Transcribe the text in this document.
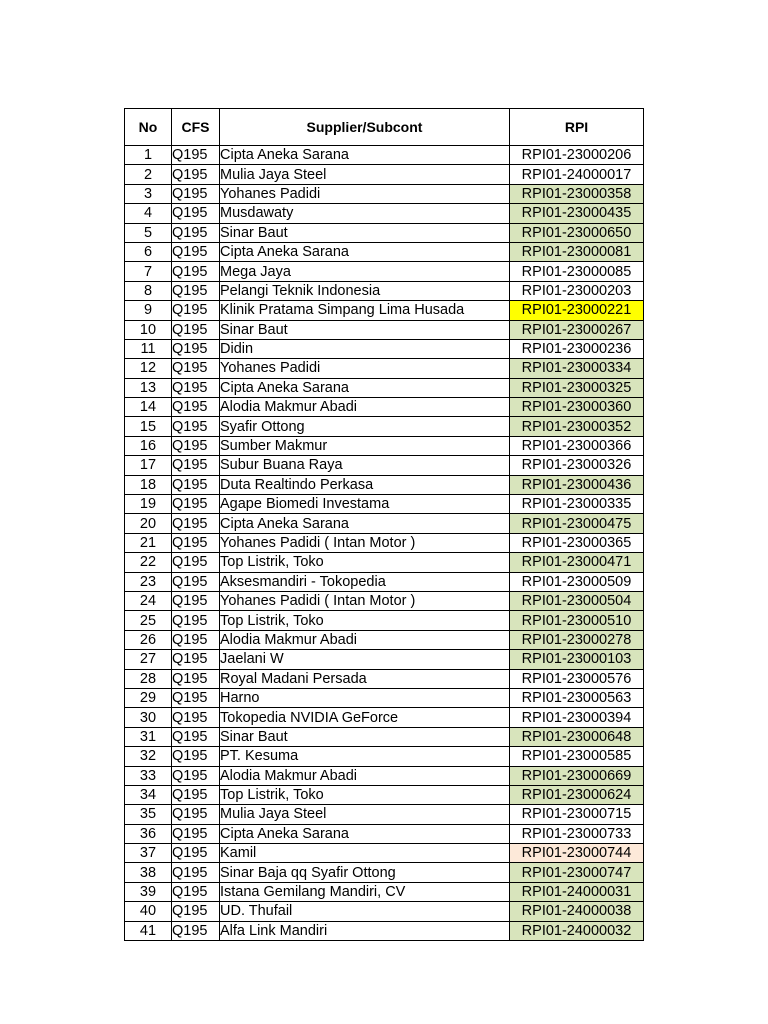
No	CFS	Supplier/Subcont	RPI
1	Q195	Cipta Aneka Sarana	RPI01-23000206
2	Q195	Mulia Jaya Steel	RPI01-24000017
3	Q195	Yohanes Padidi	RPI01-23000358
4	Q195	Musdawaty	RPI01-23000435
5	Q195	Sinar Baut	RPI01-23000650
6	Q195	Cipta Aneka Sarana	RPI01-23000081
7	Q195	Mega Jaya	RPI01-23000085
8	Q195	Pelangi Teknik Indonesia	RPI01-23000203
9	Q195	Klinik Pratama Simpang Lima Husada	RPI01-23000221
10	Q195	Sinar Baut	RPI01-23000267
11	Q195	Didin	RPI01-23000236
12	Q195	Yohanes Padidi	RPI01-23000334
13	Q195	Cipta Aneka Sarana	RPI01-23000325
14	Q195	Alodia Makmur Abadi	RPI01-23000360
15	Q195	Syafir Ottong	RPI01-23000352
16	Q195	Sumber Makmur	RPI01-23000366
17	Q195	Subur Buana Raya	RPI01-23000326
18	Q195	Duta Realtindo Perkasa	RPI01-23000436
19	Q195	Agape Biomedi Investama	RPI01-23000335
20	Q195	Cipta Aneka Sarana	RPI01-23000475
21	Q195	Yohanes Padidi ( Intan Motor )	RPI01-23000365
22	Q195	Top Listrik, Toko	RPI01-23000471
23	Q195	Aksesmandiri - Tokopedia	RPI01-23000509
24	Q195	Yohanes Padidi ( Intan Motor )	RPI01-23000504
25	Q195	Top Listrik, Toko	RPI01-23000510
26	Q195	Alodia Makmur Abadi	RPI01-23000278
27	Q195	Jaelani W	RPI01-23000103
28	Q195	Royal Madani Persada	RPI01-23000576
29	Q195	Harno	RPI01-23000563
30	Q195	Tokopedia NVIDIA GeForce	RPI01-23000394
31	Q195	Sinar Baut	RPI01-23000648
32	Q195	PT. Kesuma	RPI01-23000585
33	Q195	Alodia Makmur Abadi	RPI01-23000669
34	Q195	Top Listrik, Toko	RPI01-23000624
35	Q195	Mulia Jaya Steel	RPI01-23000715
36	Q195	Cipta Aneka Sarana	RPI01-23000733
37	Q195	Kamil	RPI01-23000744
38	Q195	Sinar Baja qq Syafir Ottong	RPI01-23000747
39	Q195	Istana Gemilang Mandiri, CV	RPI01-24000031
40	Q195	UD. Thufail	RPI01-24000038
41	Q195	Alfa Link Mandiri	RPI01-24000032
